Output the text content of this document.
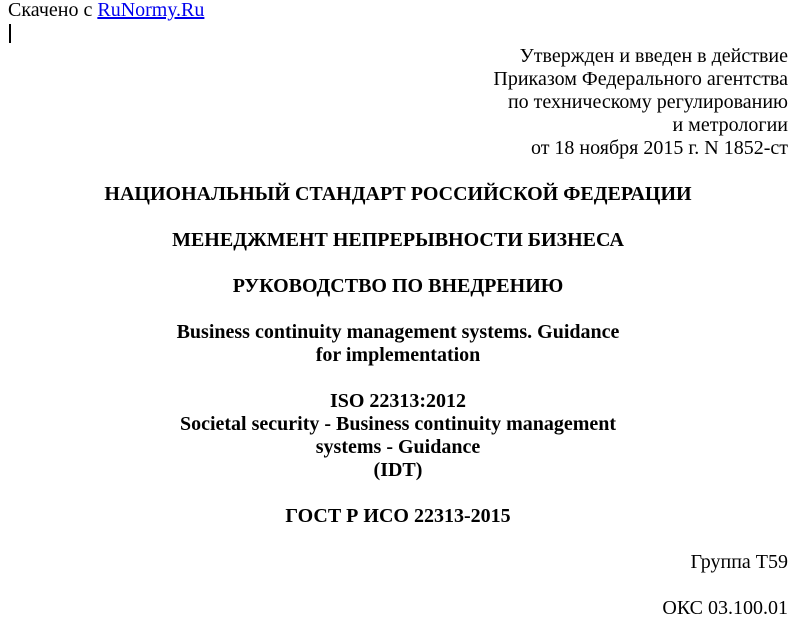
Скачено с RuNormy.Ru
Утвержден и введен в действие
Приказом Федерального агентства
по техническому регулированию
и метрологии
от 18 ноября 2015 г. N 1852-ст
НАЦИОНАЛЬНЫЙ СТАНДАРТ РОССИЙСКОЙ ФЕДЕРАЦИИ
МЕНЕДЖМЕНТ НЕПРЕРЫВНОСТИ БИЗНЕСА
РУКОВОДСТВО ПО ВНЕДРЕНИЮ
Business continuity management systems. Guidance
for implementation
ISO 22313:2012
Societal security - Business continuity management
systems - Guidance
(IDT)
ГОСТ Р ИСО 22313-2015
Группа Т59
ОКС 03.100.01
